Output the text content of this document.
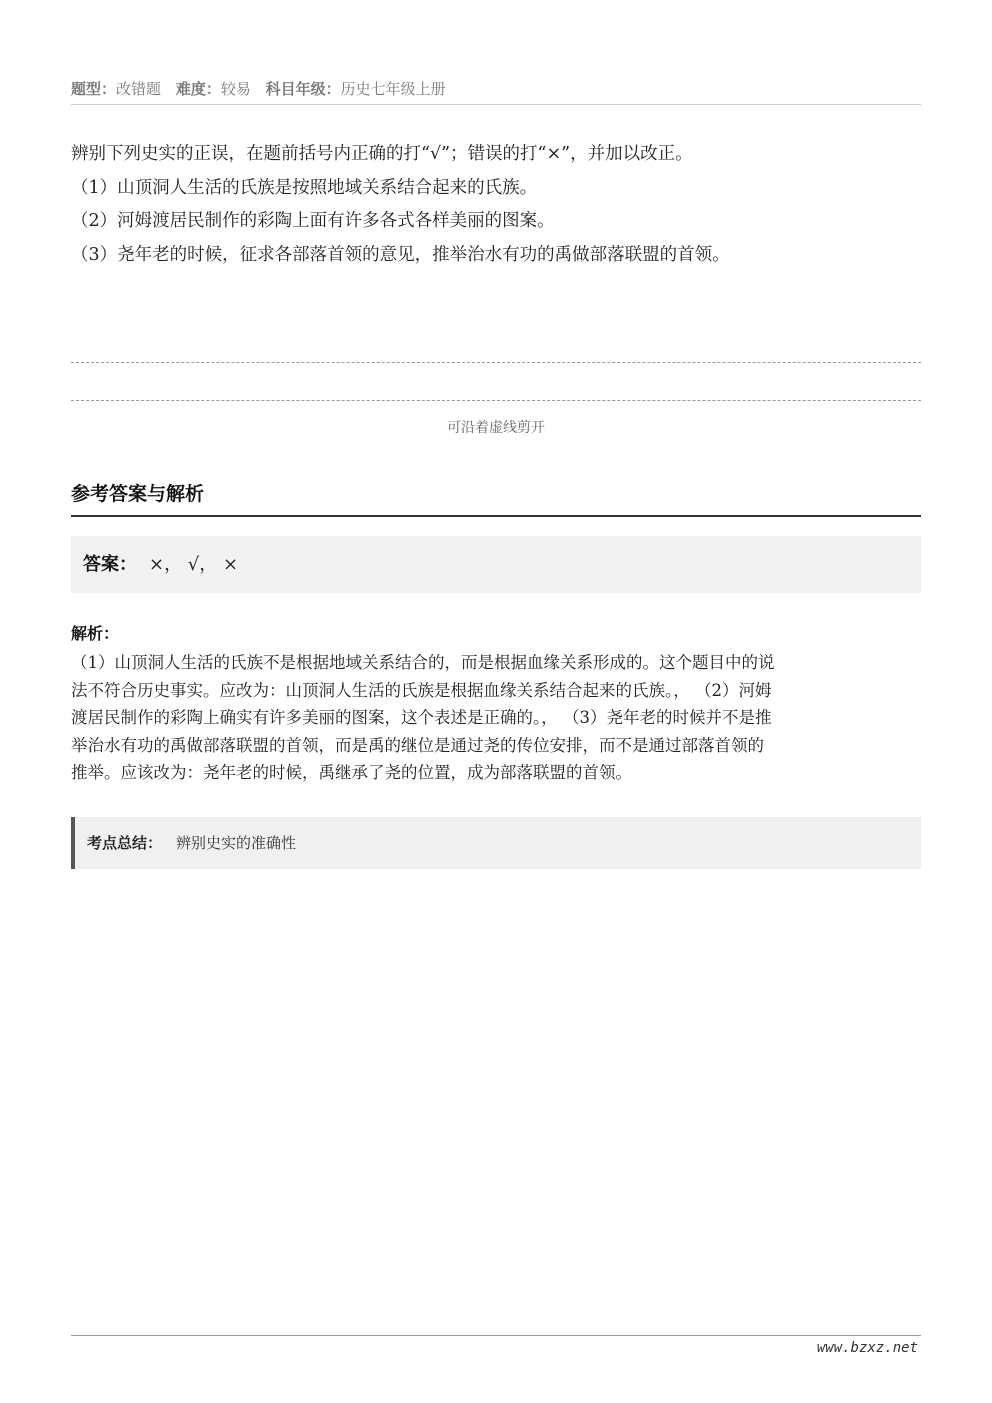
题型：改错题 难度：较易 科目年级：历史七年级上册
辨别下列史实的正误，在题前括号内正确的打“√”；错误的打“×”，并加以改正。
（1）山顶洞人生活的氏族是按照地域关系结合起来的氏族。
（2）河姆渡居民制作的彩陶上面有许多各式各样美丽的图案。
（3）尧年老的时候，征求各部落首领的意见，推举治水有功的禹做部落联盟的首领。
可沿着虚线剪开
参考答案与解析
答案： ×， √， ×
解析：
（1）山顶洞人生活的氏族不是根据地域关系结合的，而是根据血缘关系形成的。这个题目中的说
法不符合历史事实。应改为：山顶洞人生活的氏族是根据血缘关系结合起来的氏族。， （2）河姆
渡居民制作的彩陶上确实有许多美丽的图案，这个表述是正确的。， （3）尧年老的时候并不是推
举治水有功的禹做部落联盟的首领，而是禹的继位是通过尧的传位安排，而不是通过部落首领的
推举。应该改为：尧年老的时候，禹继承了尧的位置，成为部落联盟的首领。
考点总结： 辨别史实的准确性
www.bzxz.net
